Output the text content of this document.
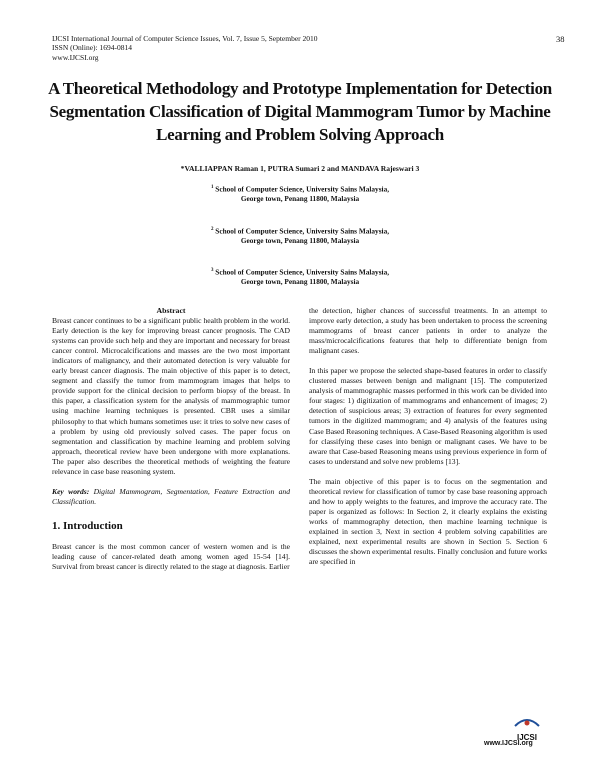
IJCSI International Journal of Computer Science Issues, Vol. 7, Issue 5, September 2010
ISSN (Online): 1694-0814
www.IJCSI.org
38
A Theoretical Methodology and Prototype Implementation for Detection Segmentation Classification of Digital Mammogram Tumor by Machine Learning and Problem Solving Approach
*VALLIAPPAN Raman 1, PUTRA Sumari 2 and MANDAVA Rajeswari 3
$^1$ School of Computer Science, University Sains Malaysia,
George town, Penang 11800, Malaysia
$^2$ School of Computer Science, University Sains Malaysia,
George town, Penang 11800, Malaysia
$^3$ School of Computer Science, University Sains Malaysia,
George town, Penang 11800, Malaysia

Abstract

Breast cancer continues to be a significant public health problem in the world. Early detection is the key for improving breast cancer prognosis. The CAD systems can provide such help and they are important and necessary for breast cancer control. Microcalcifications and masses are the two most important indicators of malignancy, and their automated detection is very valuable for early breast cancer diagnosis. The main objective of this paper is to detect, segment and classify the tumor from mammogram images that helps to provide support for the clinical decision to perform biopsy of the breast. In this paper, a classification system for the analysis of mammographic tumor using machine learning techniques is presented. CBR uses a similar philosophy to that which humans sometimes use: it tries to solve new cases of a problem by using old previously solved cases. The paper focus on segmentation and classification by machine learning and problem solving approach, theoretical review have been undergone with more explanations. The paper also describes the theoretical methods of weighting the feature relevance in case base reasoning system.

Key words: Digital Mammogram, Segmentation, Feature Extraction and Classification.

1. Introduction

Breast cancer is the most common cancer of western women and is the leading cause of cancer-related death among women aged 15-54 [14]. Survival from breast cancer is directly related to the stage at diagnosis. Earlier

the detection, higher chances of successful treatments. In an attempt to improve early detection, a study has been undertaken to process the screening mammograms of breast cancer patients in order to analyze the mass/microcalcifications features that help to differentiate benign from malignant cases.

In this paper we propose the selected shape-based features in order to classify clustered masses between benign and malignant [15]. The computerized analysis of mammographic masses performed in this work can be divided into four stages: 1) digitization of mammograms and enhancement of images; 2) detection of suspicious areas; 3) extraction of features for every segmented tumors in the digitized mammogram; and 4) analysis of the features using Case Based Reasoning techniques. A Case-Based Reasoning algorithm is used for classifying these cases into benign or malignant cases. We have to be aware that Case-based Reasoning means using previous experience in form of cases to understand and solve new problems [13].

The main objective of this paper is to focus on the segmentation and theoretical review for classification of tumor by case base reasoning approach and how to apply weights to the features, and improve the accuracy rate. The paper is organized as follows: In Section 2, it clearly explains the existing works of mammography detection, then machine learning technique is explained in section 3, Next in section 4 problem solving capabilities are explained, next experimental results are shown in Section 5. Section 6 discusses the shown experimental results. Finally conclusion and future works are specified in

IJCSI
www.IJCSI.org
